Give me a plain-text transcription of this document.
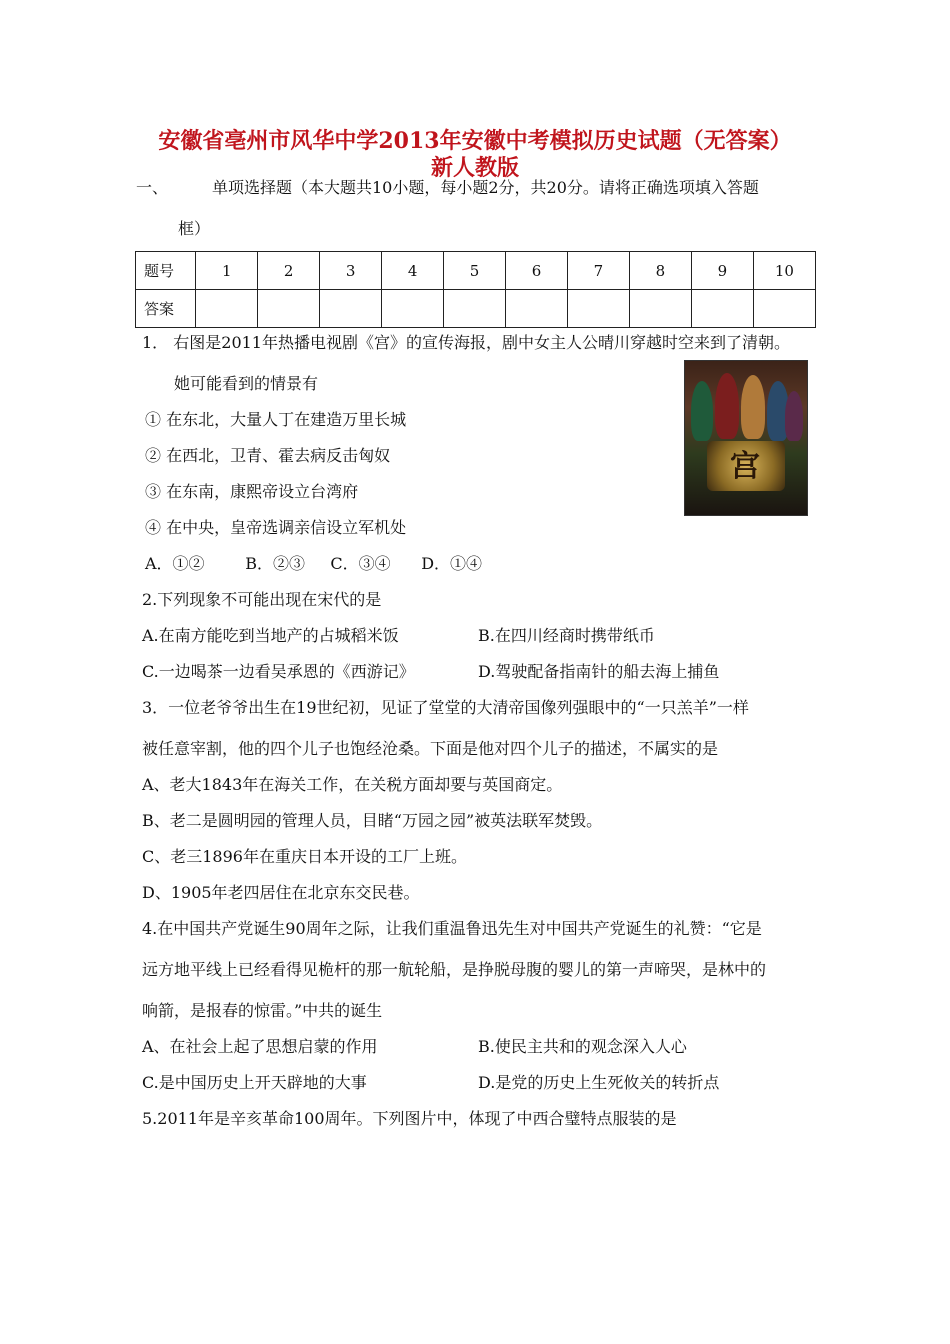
安徽省亳州市风华中学2013年安徽中考模拟历史试题（无答案）
新人教版
一、	单项选择题（本大题共10小题，每小题2分，共20分。请将正确选项填入答题
框）
题号	1	2	3	4	5	6	7	8	9	10
答案										
1． 右图是2011年热播电视剧《宫》的宣传海报，剧中女主人公晴川穿越时空来到了清朝。
她可能看到的情景有
① 在东北，大量人丁在建造万里长城
② 在西北，卫青、霍去病反击匈奴
③ 在东南，康熙帝设立台湾府
④ 在中央，皇帝选调亲信设立军机处
A．①②        B．②③     C．③④      D．①④
宫
2.下列现象不可能出现在宋代的是
A.在南方能吃到当地产的占城稻米饭	B.在四川经商时携带纸币
C.一边喝茶一边看吴承恩的《西游记》	D.驾驶配备指南针的船去海上捕鱼
3．一位老爷爷出生在19世纪初，见证了堂堂的大清帝国像列强眼中的“一只羔羊”一样
被任意宰割，他的四个儿子也饱经沧桑。下面是他对四个儿子的描述，不属实的是
A、老大1843年在海关工作，在关税方面却要与英国商定。
B、老二是圆明园的管理人员，目睹“万园之园”被英法联军焚毁。
C、老三1896年在重庆日本开设的工厂上班。
D、1905年老四居住在北京东交民巷。
4.在中国共产党诞生90周年之际，让我们重温鲁迅先生对中国共产党诞生的礼赞：“它是
远方地平线上已经看得见桅杆的那一航轮船，是挣脱母腹的婴儿的第一声啼哭，是林中的
响箭，是报春的惊雷。”中共的诞生
A、在社会上起了思想启蒙的作用	B.使民主共和的观念深入人心
C.是中国历史上开天辟地的大事	D.是党的历史上生死攸关的转折点
5.2011年是辛亥革命100周年。下列图片中，体现了中西合璧特点服装的是
